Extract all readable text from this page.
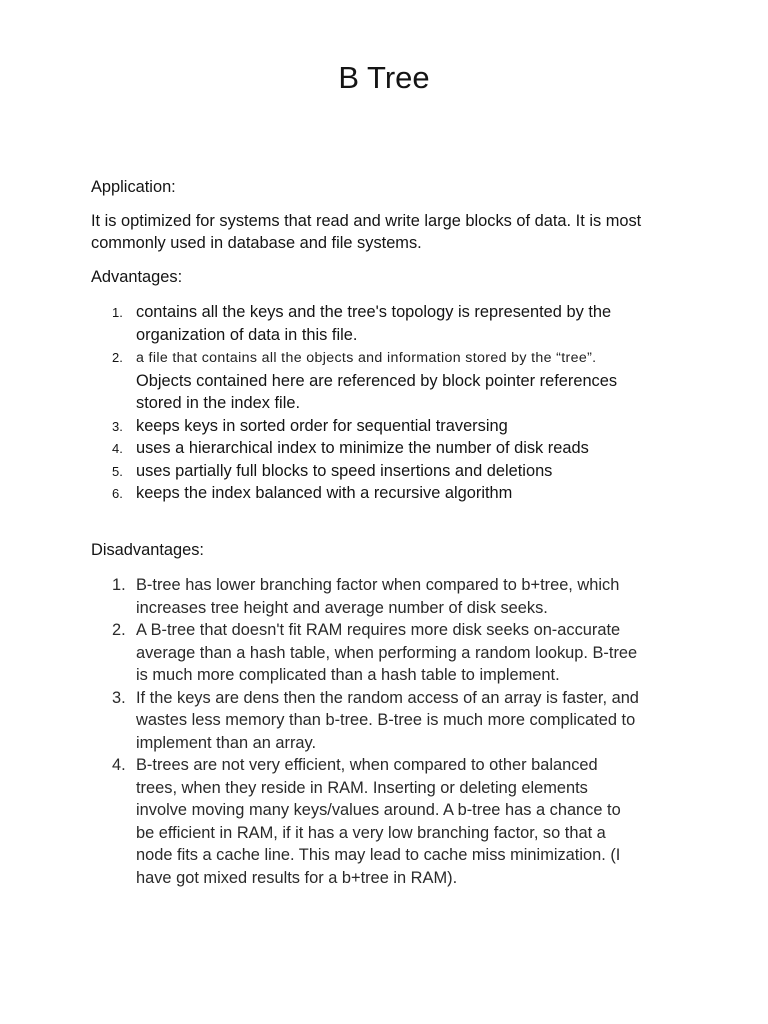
B Tree

Application:

It is optimized for systems that read and write large blocks of data. It is most commonly used in database and file systems.

Advantages:

1. contains all the keys and the tree's topology is represented by the
organization of data in this file.
2. a file that contains all the objects and information stored by the “tree”.
Objects contained here are referenced by block pointer references
stored in the index file.
3. keeps keys in sorted order for sequential traversing
4. uses a hierarchical index to minimize the number of disk reads
5. uses partially full blocks to speed insertions and deletions
6. keeps the index balanced with a recursive algorithm

Disadvantages:

1. B-tree has lower branching factor when compared to b+tree, which
increases tree height and average number of disk seeks.
2. A B-tree that doesn't fit RAM requires more disk seeks on-accurate
average than a hash table, when performing a random lookup. B-tree
is much more complicated than a hash table to implement.
3. If the keys are dens then the random access of an array is faster, and
wastes less memory than b-tree. B-tree is much more complicated to
implement than an array.
4. B-trees are not very efficient, when compared to other balanced
trees, when they reside in RAM. Inserting or deleting elements
involve moving many keys/values around. A b-tree has a chance to
be efficient in RAM, if it has a very low branching factor, so that a
node fits a cache line. This may lead to cache miss minimization. (I
have got mixed results for a b+tree in RAM).
